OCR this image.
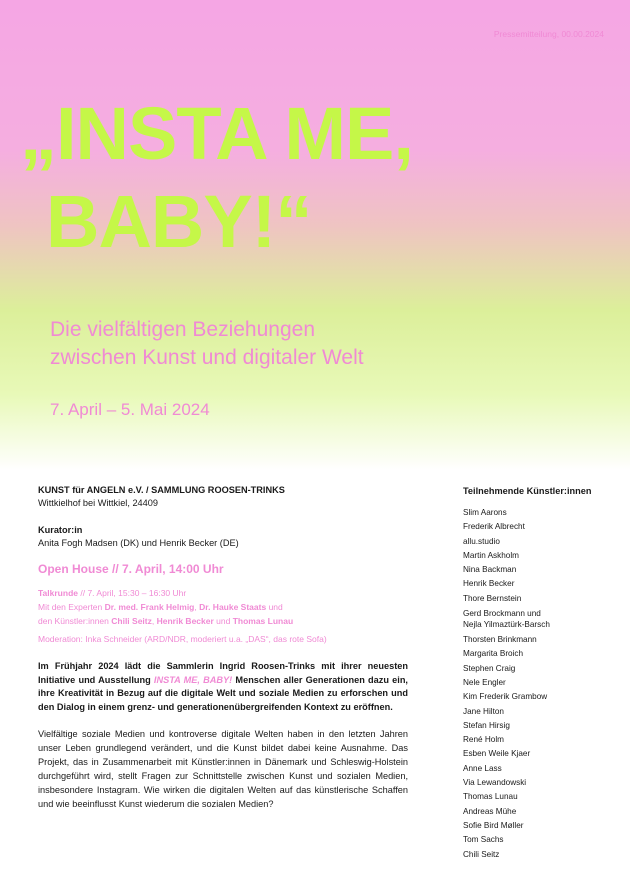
Pressemitteilung, 00.00.2024
„INSTA ME,
BABY!“
Die vielfältigen Beziehungen
zwischen Kunst und digitaler Welt
7. April – 5. Mai 2024
KUNST für ANGELN e.V. / SAMMLUNG ROOSEN-TRINKS
Wittkielhof bei Wittkiel, 24409
Kurator:in
Anita Fogh Madsen (DK) und Henrik Becker (DE)
Open House // 7. April, 14:00 Uhr
Talkrunde // 7. April, 15:30 – 16:30 Uhr
Mit den Experten Dr. med. Frank Helmig, Dr. Hauke Staats und
den Künstler:innen Chili Seitz, Henrik Becker und Thomas Lunau
Moderation: Inka Schneider (ARD/NDR, moderiert u.a. „DAS“, das rote Sofa)

Im Frühjahr 2024 lädt die Sammlerin Ingrid Roosen-Trinks mit ihrer neuesten Initiative und Ausstellung INSTA ME, BABY! Menschen aller Generationen dazu ein, ihre Kreativität in Bezug auf die digitale Welt und soziale Medien zu erforschen und den Dialog in einem grenz- und generationenübergreifenden Kontext zu eröffnen.

Vielfältige soziale Medien und kontroverse digitale Welten haben in den letzten Jahren unser Leben grundlegend verändert, und die Kunst bildet dabei keine Ausnahme. Das Projekt, das in Zusammenarbeit mit Künstler:innen in Dänemark und Schleswig-Holstein durchgeführt wird, stellt Fragen zur Schnittstelle zwischen Kunst und sozialen Medien, insbesondere Instagram. Wie wirken die digitalen Welten auf das künstlerische Schaffen und wie beeinflusst Kunst wiederum die sozialen Medien?

Teilnehmende Künstler:innen
Slim Aarons
Frederik Albrecht
allu.studio
Martin Askholm
Nina Backman
Henrik Becker
Thore Bernstein
Gerd Brockmann und
Nejla Yilmaztürk-Barsch
Thorsten Brinkmann
Margarita Broich
Stephen Craig
Nele Engler
Kim Frederik Grambow
Jane Hilton
Stefan Hirsig
René Holm
Esben Weile Kjaer
Anne Lass
Via Lewandowski
Thomas Lunau
Andreas Mühe
Sofie Bird Møller
Tom Sachs
Chili Seitz
